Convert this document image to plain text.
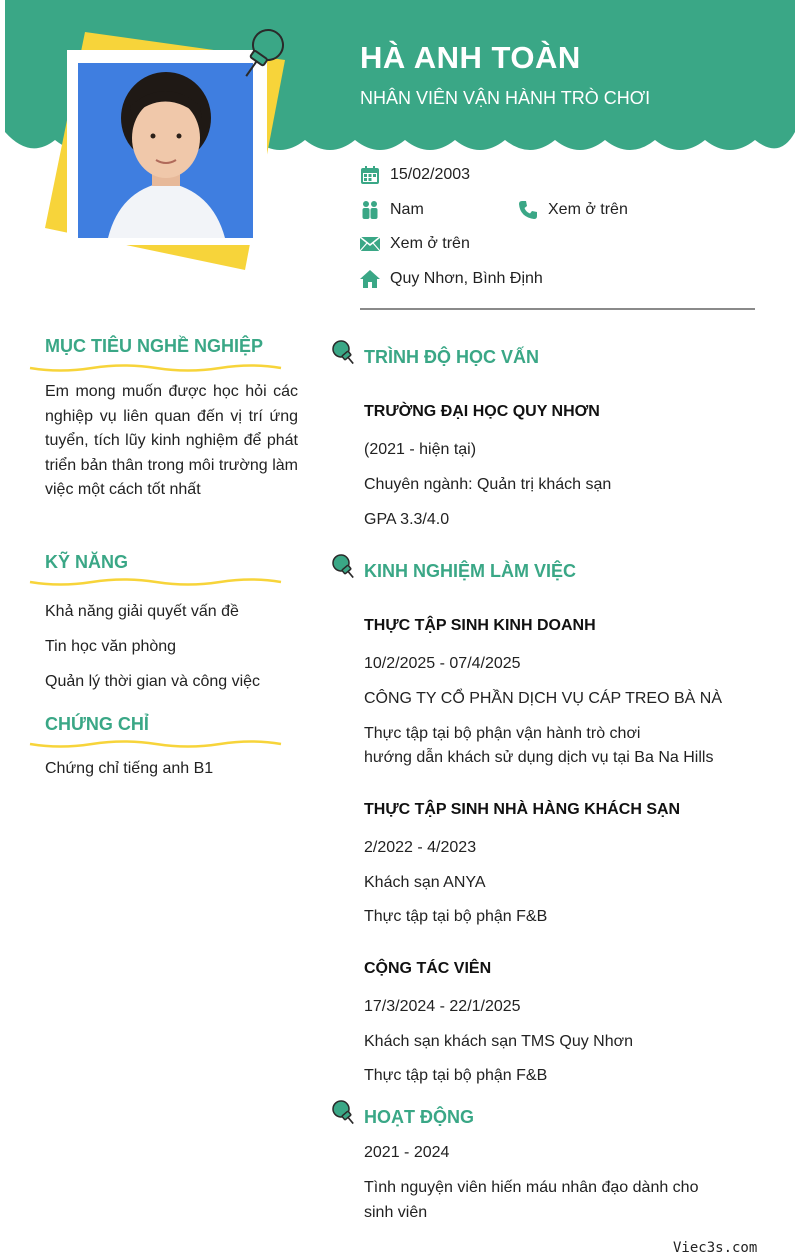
HÀ ANH TOÀN
NHÂN VIÊN VẬN HÀNH TRÒ CHƠI
15/02/2003
Nam	Xem ở trên
Xem ở trên
Quy Nhơn, Bình Định
MỤC TIÊU NGHỀ NGHIỆP
Em mong muốn được học hỏi các nghiệp vụ liên quan đến vị trí ứng tuyển, tích lũy kinh nghiệm để phát triển bản thân trong môi trường làm việc một cách tốt nhất
KỸ NĂNG
Khả năng giải quyết vấn đề
Tin học văn phòng
Quản lý thời gian và công việc
CHỨNG CHỈ
Chứng chỉ tiếng anh B1
TRÌNH ĐỘ HỌC VẤN
TRƯỜNG ĐẠI HỌC QUY NHƠN
(2021 - hiện tại)
Chuyên ngành: Quản trị khách sạn
GPA 3.3/4.0
KINH NGHIỆM LÀM VIỆC
THỰC TẬP SINH KINH DOANH
10/2/2025 - 07/4/2025
CÔNG TY CỔ PHẦN DỊCH VỤ CÁP TREO BÀ NÀ
Thực tập tại bộ phận vận hành trò chơi
hướng dẫn khách sử dụng dịch vụ tại Ba Na Hills
THỰC TẬP SINH NHÀ HÀNG KHÁCH SẠN
2/2022 - 4/2023
Khách sạn ANYA
Thực tập tại bộ phận F&B
CỘNG TÁC VIÊN
17/3/2024 - 22/1/2025
Khách sạn khách sạn TMS Quy Nhơn
Thực tập tại bộ phận F&B
HOẠT ĐỘNG
2021 - 2024
Tình nguyện viên hiến máu nhân đạo dành cho
sinh viên
Viec3s.com
